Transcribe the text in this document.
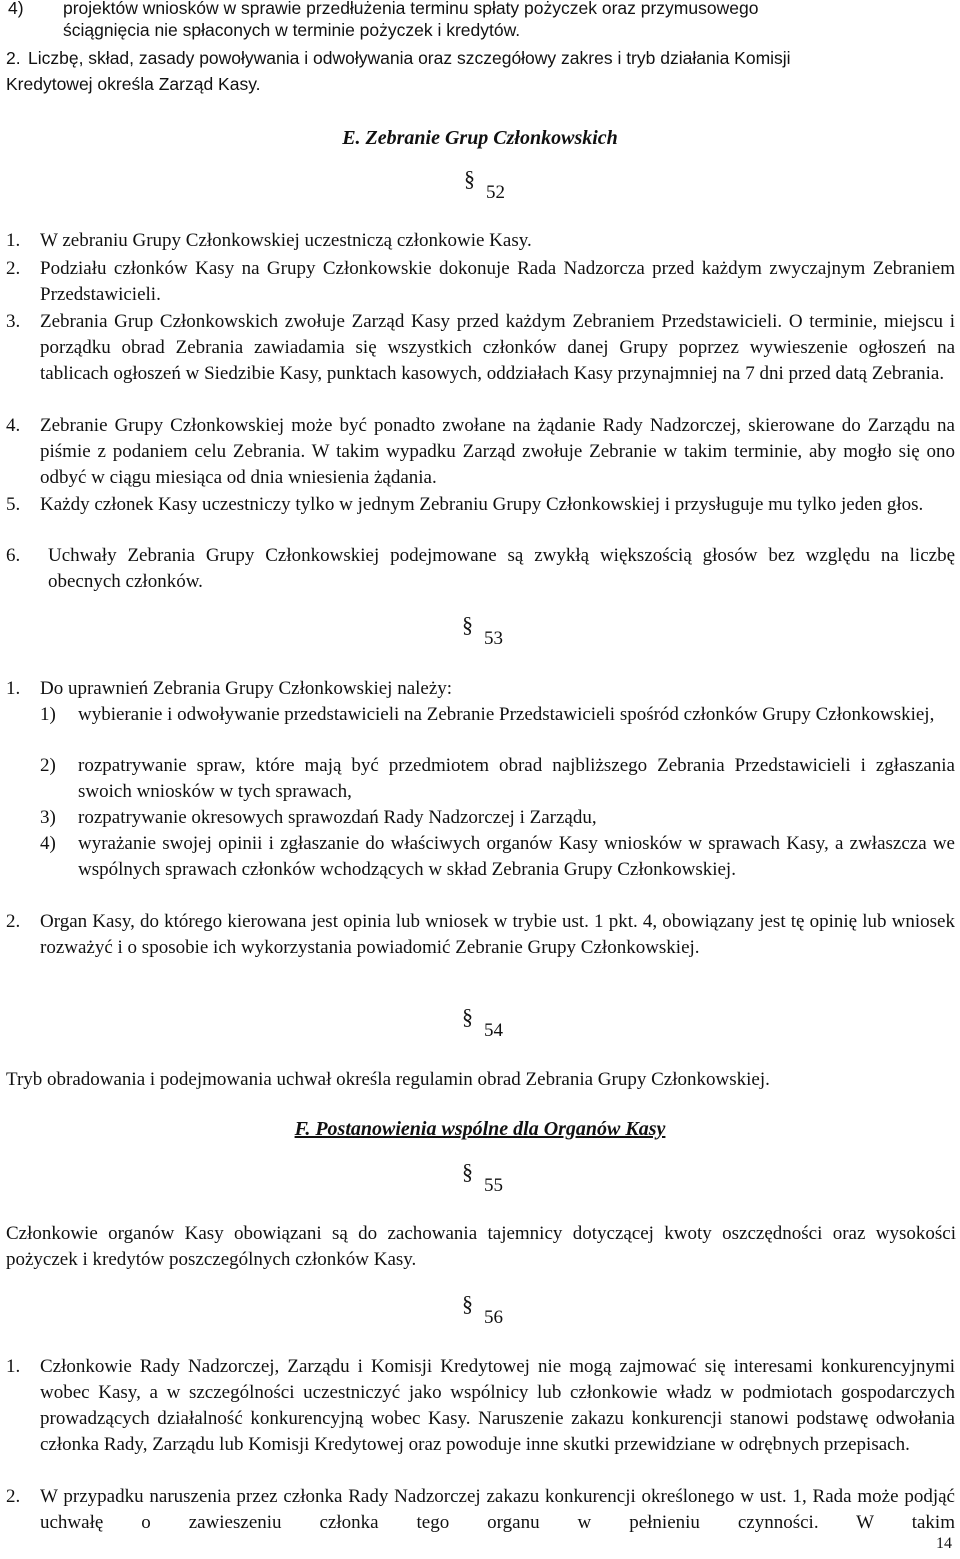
4) projektów wniosków w sprawie przedłużenia terminu spłaty pożyczek oraz przymusowego
ściągnięcia nie spłaconych w terminie pożyczek i kredytów.
2. Liczbę, skład, zasady powoływania i odwoływania oraz szczegółowy zakres i tryb działania Komisji
Kredytowej określa Zarząd Kasy.
E. Zebranie Grup Członkowskich
§
52
1. W zebraniu Grupy Członkowskiej uczestniczą członkowie Kasy.
2. Podziału członków Kasy na Grupy Członkowskie dokonuje Rada Nadzorcza przed każdym zwyczajnym Zebraniem Przedstawicieli.
3. Zebrania Grup Członkowskich zwołuje Zarząd Kasy przed każdym Zebraniem Przedstawicieli. O terminie, miejscu i porządku obrad Zebrania zawiadamia się wszystkich członków danej Grupy poprzez wywieszenie ogłoszeń na tablicach ogłoszeń w Siedzibie Kasy, punktach kasowych, oddziałach Kasy przynajmniej na 7 dni przed datą Zebrania.
4. Zebranie Grupy Członkowskiej może być ponadto zwołane na żądanie Rady Nadzorczej, skierowane do Zarządu na piśmie z podaniem celu Zebrania. W takim wypadku Zarząd zwołuje Zebranie w takim terminie, aby mogło się ono odbyć w ciągu miesiąca od dnia wniesienia żądania.
5. Każdy członek Kasy uczestniczy tylko w jednym Zebraniu Grupy Członkowskiej i przysługuje mu tylko jeden głos.
6. Uchwały Zebrania Grupy Członkowskiej podejmowane są zwykłą większością głosów bez względu na liczbę obecnych członków.
§
53
1. Do uprawnień Zebrania Grupy Członkowskiej należy:
1) wybieranie i odwoływanie przedstawicieli na Zebranie Przedstawicieli spośród członków Grupy Członkowskiej,
2) rozpatrywanie spraw, które mają być przedmiotem obrad najbliższego Zebrania Przedstawicieli i zgłaszania swoich wniosków w tych sprawach,
3) rozpatrywanie okresowych sprawozdań Rady Nadzorczej i Zarządu,
4) wyrażanie swojej opinii i zgłaszanie do właściwych organów Kasy wniosków w sprawach Kasy, a zwłaszcza we wspólnych sprawach członków wchodzących w skład Zebrania Grupy Członkowskiej.
2. Organ Kasy, do którego kierowana jest opinia lub wniosek w trybie ust. 1 pkt. 4, obowiązany jest tę opinię lub wniosek rozważyć i o sposobie ich wykorzystania powiadomić Zebranie Grupy Członkowskiej.
§
54
Tryb obradowania i podejmowania uchwał określa regulamin obrad Zebrania Grupy Członkowskiej.
F. Postanowienia wspólne dla Organów Kasy
§
55
Członkowie organów Kasy obowiązani są do zachowania tajemnicy dotyczącej kwoty oszczędności oraz wysokości pożyczek i kredytów poszczególnych członków Kasy.
§
56
1. Członkowie Rady Nadzorczej, Zarządu i Komisji Kredytowej nie mogą zajmować się interesami konkurencyjnymi wobec Kasy, a w szczególności uczestniczyć jako wspólnicy lub członkowie władz w podmiotach gospodarczych prowadzących działalność konkurencyjną wobec Kasy. Naruszenie zakazu konkurencji stanowi podstawę odwołania członka Rady, Zarządu lub Komisji Kredytowej oraz powoduje inne skutki przewidziane w odrębnych przepisach.
2. W przypadku naruszenia przez członka Rady Nadzorczej zakazu konkurencji określonego w ust. 1, Rada może podjąć uchwałę o zawieszeniu członka tego organu w pełnieniu czynności. W takim
14
